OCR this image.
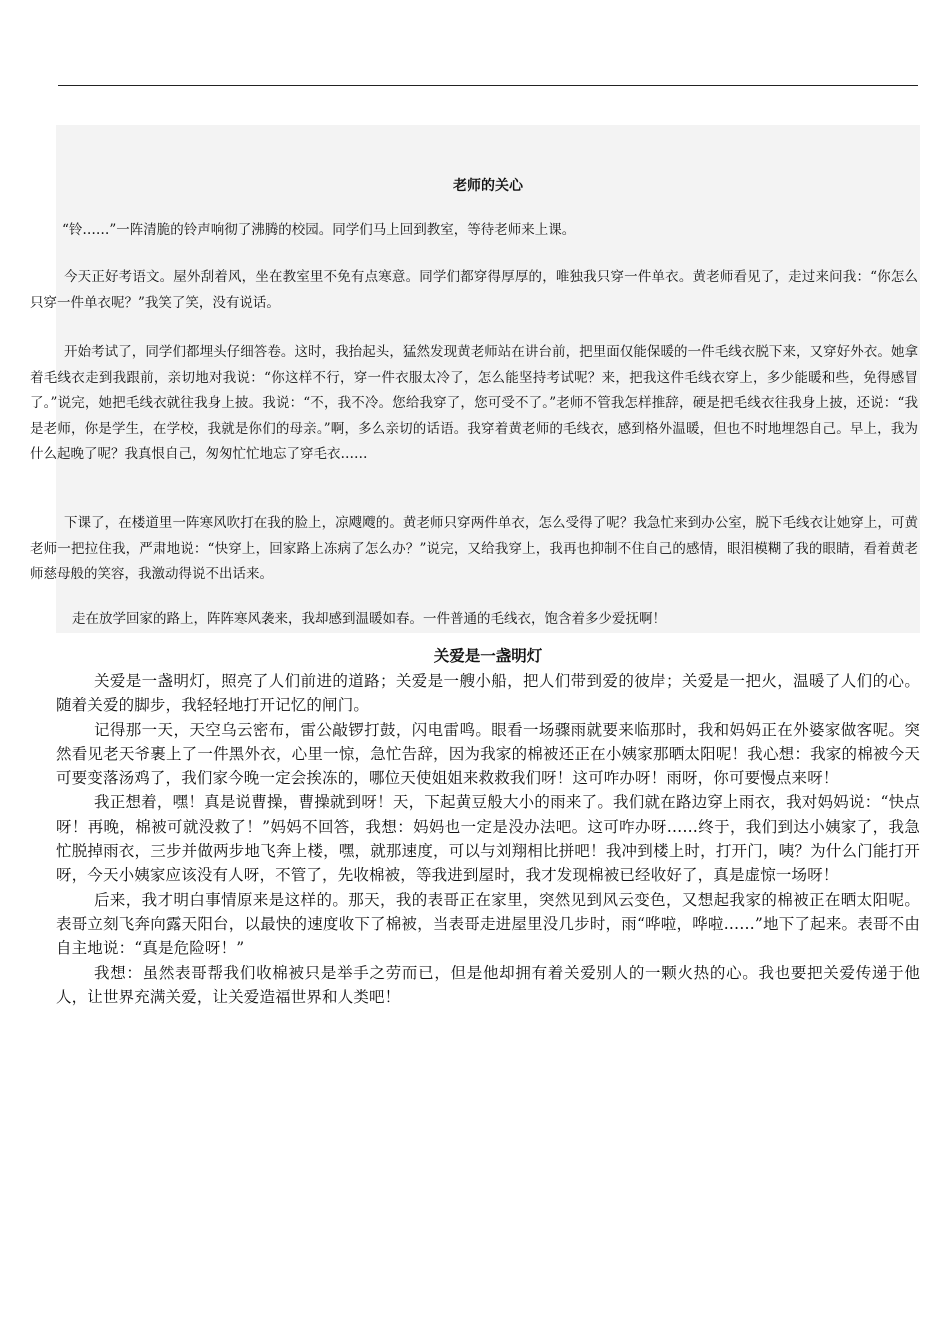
老师的关心

“铃……”一阵清脆的铃声响彻了沸腾的校园。同学们马上回到教室，等待老师来上课。

今天正好考语文。屋外刮着风，坐在教室里不免有点寒意。同学们都穿得厚厚的，唯独我只穿一件单衣。黄老师看见了，走过来问我：“你怎么只穿一件单衣呢？”我笑了笑，没有说话。

开始考试了，同学们都埋头仔细答卷。这时，我抬起头，猛然发现黄老师站在讲台前，把里面仅能保暖的一件毛线衣脱下来，又穿好外衣。她拿着毛线衣走到我跟前，亲切地对我说：“你这样不行，穿一件衣服太冷了，怎么能坚持考试呢？来，把我这件毛线衣穿上，多少能暖和些，免得感冒了。”说完，她把毛线衣就往我身上披。我说：“不，我不冷。您给我穿了，您可受不了。”老师不管我怎样推辞，硬是把毛线衣往我身上披，还说：“我是老师，你是学生，在学校，我就是你们的母亲。”啊，多么亲切的话语。我穿着黄老师的毛线衣，感到格外温暖，但也不时地埋怨自己。早上，我为什么起晚了呢？我真恨自己，匆匆忙忙地忘了穿毛衣……

下课了，在楼道里一阵寒风吹打在我的脸上，凉飕飕的。黄老师只穿两件单衣，怎么受得了呢？我急忙来到办公室，脱下毛线衣让她穿上，可黄老师一把拉住我，严肃地说：“快穿上，回家路上冻病了怎么办？”说完，又给我穿上，我再也抑制不住自己的感情，眼泪模糊了我的眼睛，看着黄老师慈母般的笑容，我激动得说不出话来。

走在放学回家的路上，阵阵寒风袭来，我却感到温暖如春。一件普通的毛线衣，饱含着多少爱抚啊！

关爱是一盏明灯

关爱是一盏明灯，照亮了人们前进的道路；关爱是一艘小船，把人们带到爱的彼岸；关爱是一把火，温暖了人们的心。随着关爱的脚步，我轻轻地打开记忆的闸门。

记得那一天，天空乌云密布，雷公敲锣打鼓，闪电雷鸣。眼看一场骤雨就要来临那时，我和妈妈正在外婆家做客呢。突然看见老天爷裹上了一件黑外衣，心里一惊，急忙告辞，因为我家的棉被还正在小姨家那晒太阳呢！我心想：我家的棉被今天可要变落汤鸡了，我们家今晚一定会挨冻的，哪位天使姐姐来救救我们呀！这可咋办呀！雨呀，你可要慢点来呀！

我正想着，嘿！真是说曹操，曹操就到呀！天，下起黄豆般大小的雨来了。我们就在路边穿上雨衣，我对妈妈说：“快点呀！再晚，棉被可就没救了！”妈妈不回答，我想：妈妈也一定是没办法吧。这可咋办呀……终于，我们到达小姨家了，我急忙脱掉雨衣，三步并做两步地飞奔上楼，嘿，就那速度，可以与刘翔相比拼吧！我冲到楼上时，打开门，咦？为什么门能打开呀，今天小姨家应该没有人呀，不管了，先收棉被，等我进到屋时，我才发现棉被已经收好了，真是虚惊一场呀！

后来，我才明白事情原来是这样的。那天，我的表哥正在家里，突然见到风云变色，又想起我家的棉被正在晒太阳呢。表哥立刻飞奔向露天阳台，以最快的速度收下了棉被，当表哥走进屋里没几步时，雨“哗啦，哗啦……”地下了起来。表哥不由自主地说：“真是危险呀！”

我想：虽然表哥帮我们收棉被只是举手之劳而已，但是他却拥有着关爱别人的一颗火热的心。我也要把关爱传递于他人，让世界充满关爱，让关爱造福世界和人类吧！
